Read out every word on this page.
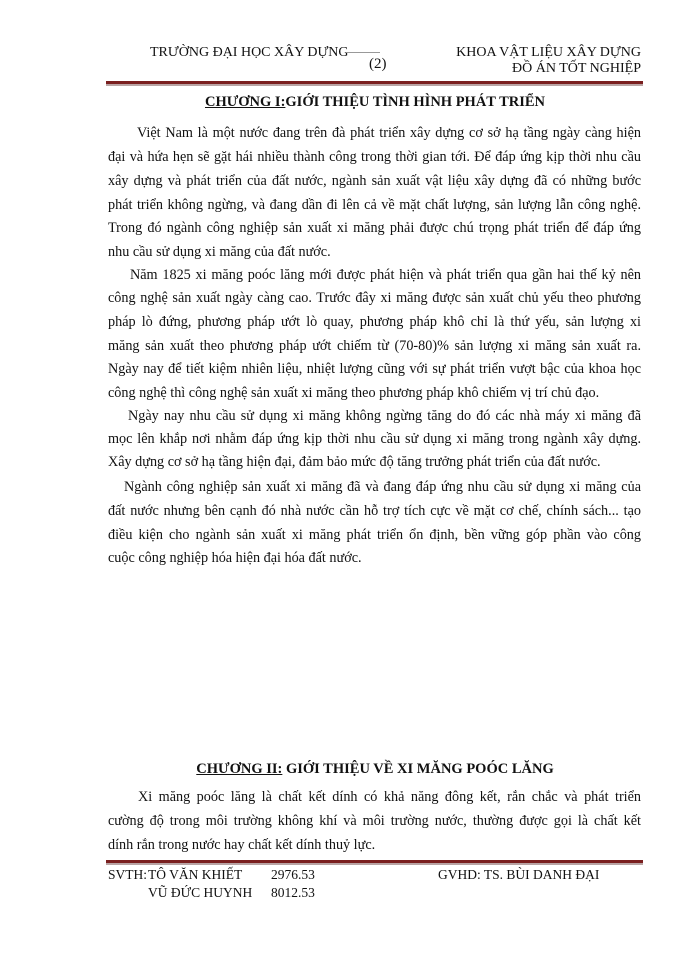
TRƯỜNG ĐẠI HỌC XÂY DỰNG
(2)
KHOA VẬT LIỆU XÂY DỰNG
ĐỒ ÁN TỐT NGHIỆP
CHƯƠNG I:GIỚI THIỆU TÌNH HÌNH PHÁT TRIỂN
Việt Nam là một nước đang trên đà phát triển xây dựng cơ sở hạ tầng ngày càng hiện
đại và hứa hẹn sẽ gặt hái nhiều thành công trong thời gian tới. Để đáp ứng kịp thời nhu cầu
xây dựng và phát triển của đất nước, ngành sản xuất vật liệu xây dựng đã có những bước
phát triển không ngừng, và đang dần đi lên cả về mặt chất lượng, sản lượng lẫn công nghệ.
Trong đó ngành công nghiệp sản xuất xi măng phải được chú trọng phát triển để đáp ứng
nhu cầu sử dụng xi măng của đất nước.
Năm 1825 xi măng poóc lăng mới được phát hiện và phát triển qua gần hai thế kỷ nên
công nghệ sản xuất ngày càng cao. Trước đây xi măng được sản xuất chủ yếu theo phương
pháp lò đứng, phương pháp ướt lò quay, phương pháp khô chỉ là thứ yếu, sản lượng xi
măng sản xuất theo phương pháp ướt chiếm từ (70-80)% sản lượng xi măng sản xuất ra.
Ngày nay để tiết kiệm nhiên liệu, nhiệt lượng cũng với sự phát triển vượt bậc của khoa học
công nghệ thì công nghệ sản xuất xi măng theo phương pháp khô chiếm vị trí chủ đạo.
Ngày nay nhu cầu sử dụng xi măng không ngừng tăng do đó các nhà máy xi măng đã
mọc lên khắp nơi nhằm đáp ứng kịp thời nhu cầu sử dụng xi măng trong ngành xây dựng.
Xây dựng cơ sở hạ tầng hiện đại, đảm bảo mức độ tăng trưởng phát triển của đất nước.
Ngành công nghiệp sản xuất xi măng đã và đang đáp ứng nhu cầu sử dụng xi măng của
đất nước nhưng bên cạnh đó nhà nước cần hỗ trợ tích cực về mặt cơ chế, chính sách... tạo
điều kiện cho ngành sản xuất xi măng phát triển ổn định, bền vững góp phần vào công
cuộc công nghiệp hóa hiện đại hóa đất nước.
CHƯƠNG II: GIỚI THIỆU VỀ XI MĂNG POÓC LĂNG
Xi măng poóc lăng là chất kết dính có khả năng đông kết, rắn chắc và phát triển
cường độ trong môi trường không khí và môi trường nước, thường được gọi là chất kết
dính rắn trong nước hay chất kết dính thuỷ lực.
SVTH: TÔ VĂN KHIẾT 2976.53
VŨ ĐỨC HUYNH 8012.53
GVHD: TS. BÙI DANH ĐẠI
